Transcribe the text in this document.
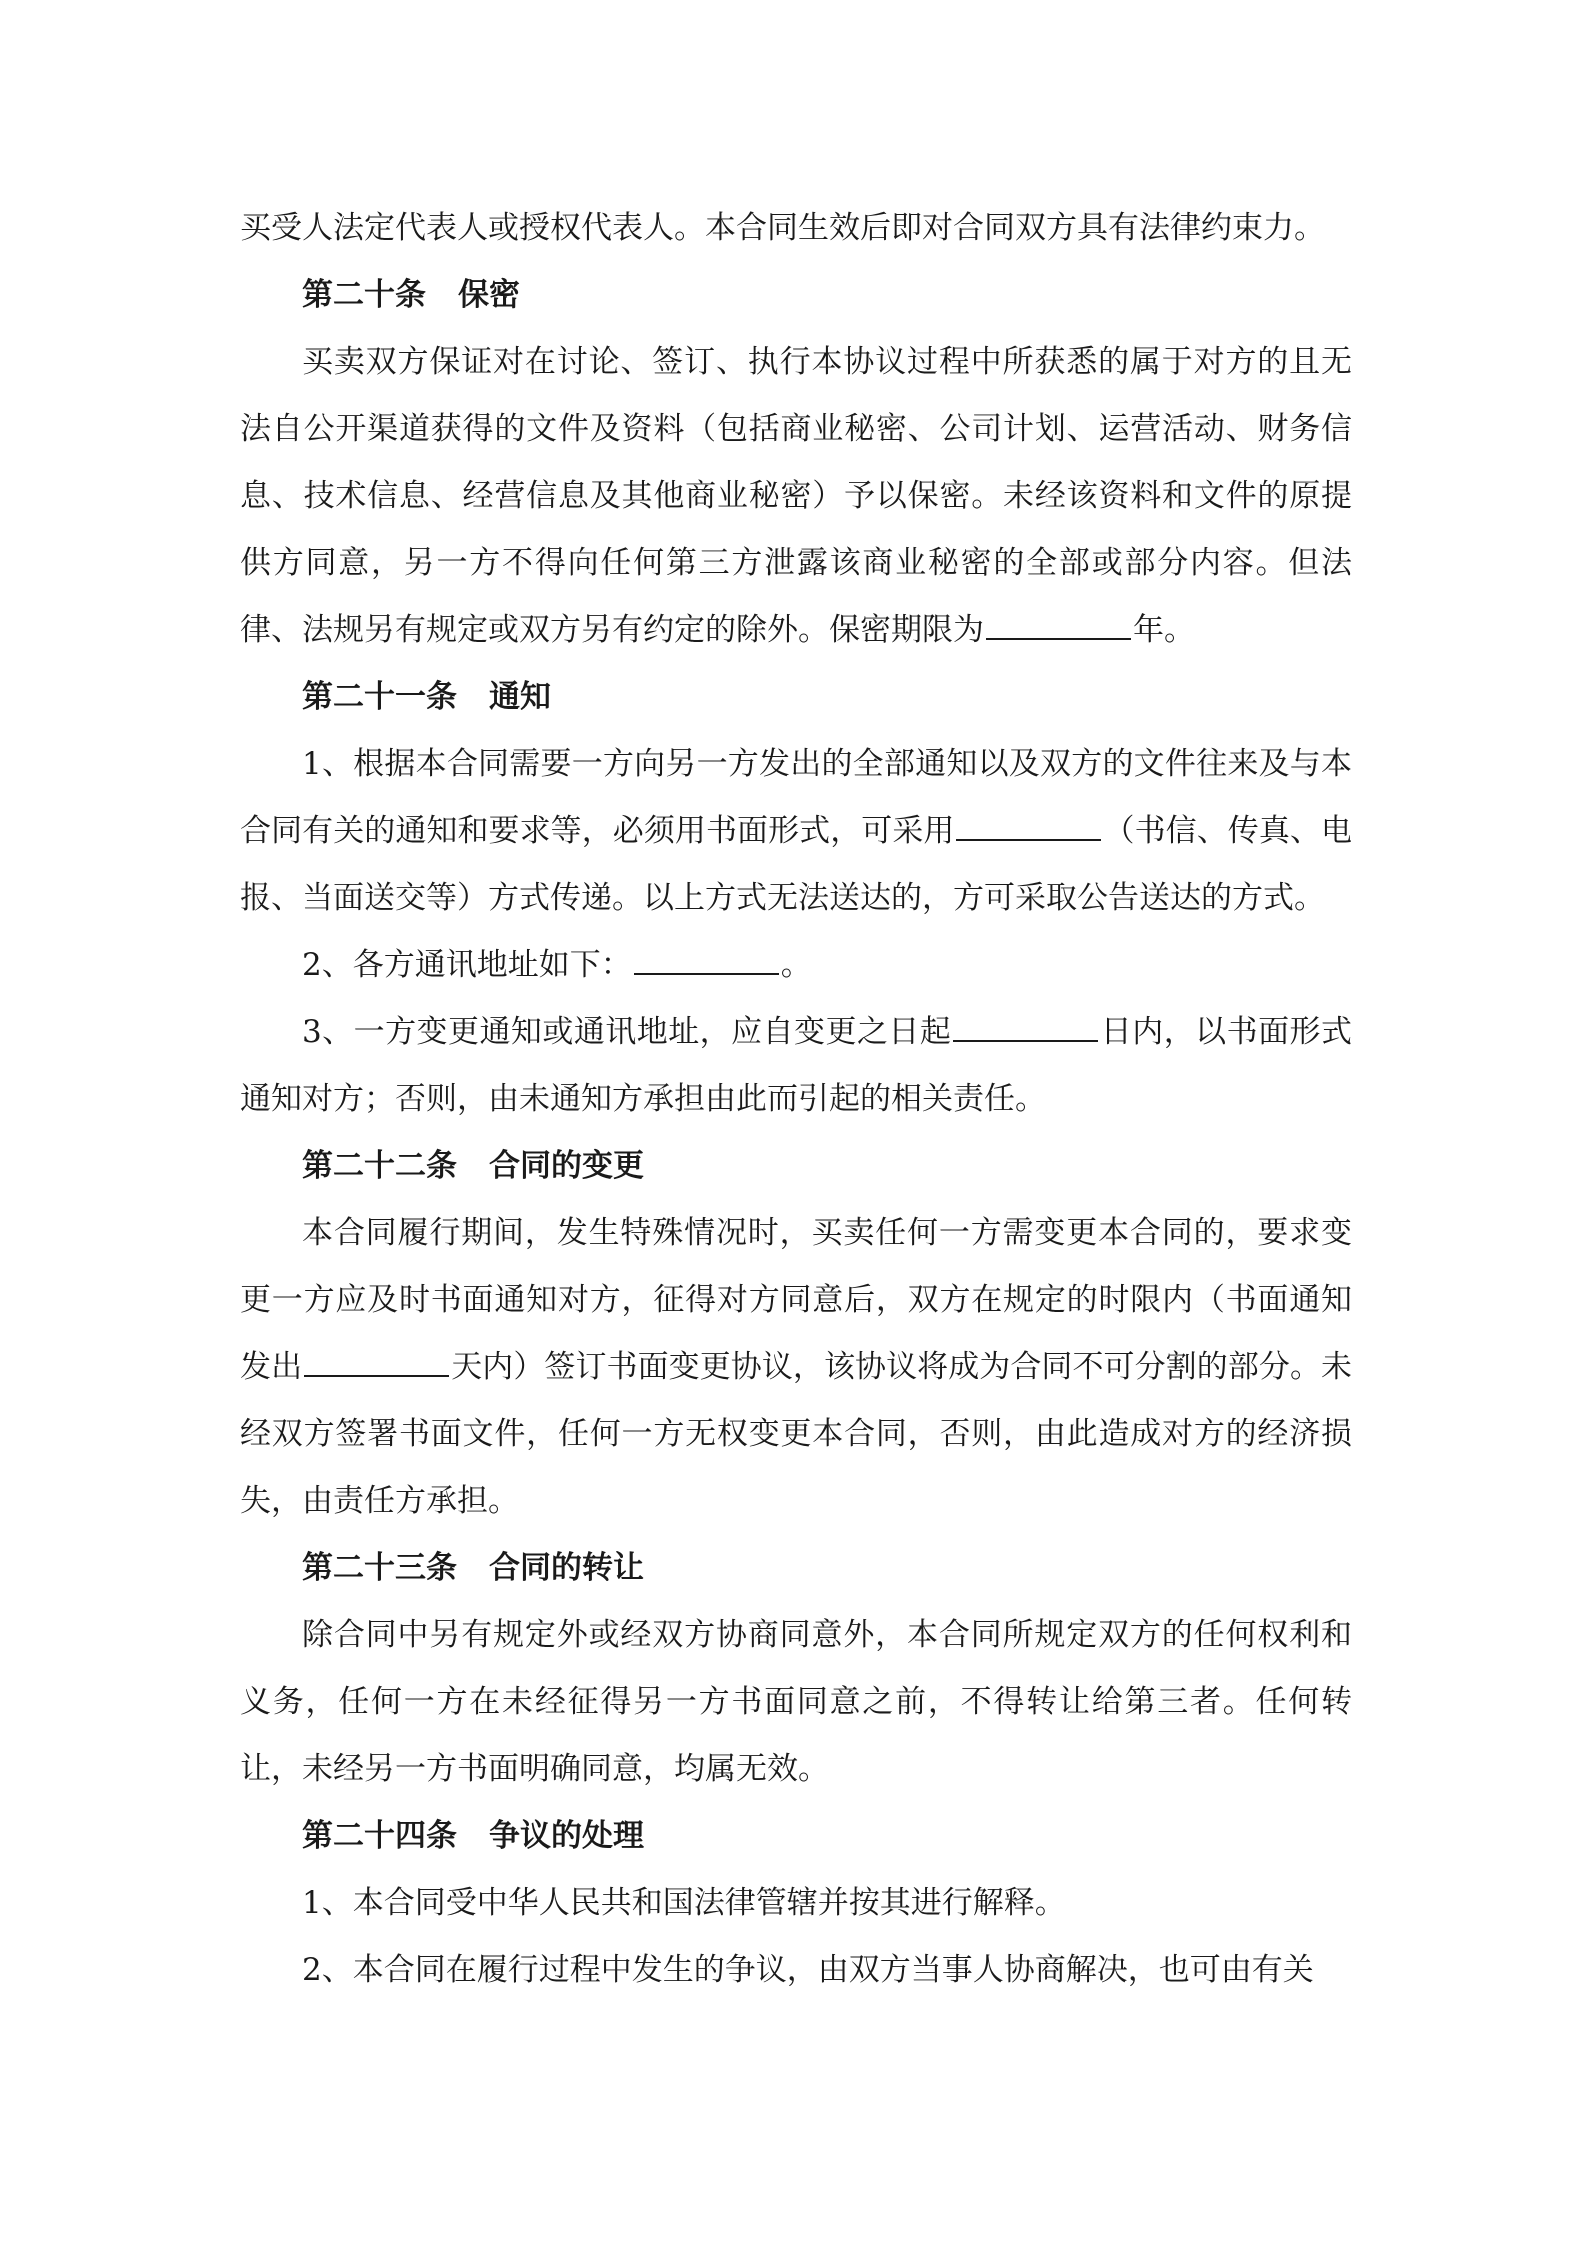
买受人法定代表人或授权代表人。本合同生效后即对合同双方具有法律约束力。

第二十条 保密

买卖双方保证对在讨论、签订、执行本协议过程中所获悉的属于对方的且无法自公开渠道获得的文件及资料（包括商业秘密、公司计划、运营活动、财务信息、技术信息、经营信息及其他商业秘密）予以保密。未经该资料和文件的原提供方同意，另一方不得向任何第三方泄露该商业秘密的全部或部分内容。但法律、法规另有规定或双方另有约定的除外。保密期限为	年。

第二十一条 通知

1、根据本合同需要一方向另一方发出的全部通知以及双方的文件往来及与本合同有关的通知和要求等，必须用书面形式，可采用	（书信、传真、电报、当面送交等）方式传递。以上方式无法送达的，方可采取公告送达的方式。

2、各方通讯地址如下：	。

3、一方变更通知或通讯地址，应自变更之日起	日内，以书面形式通知对方；否则，由未通知方承担由此而引起的相关责任。

第二十二条 合同的变更

本合同履行期间，发生特殊情况时，买卖任何一方需变更本合同的，要求变更一方应及时书面通知对方，征得对方同意后，双方在规定的时限内（书面通知发出	天内）签订书面变更协议，该协议将成为合同不可分割的部分。未经双方签署书面文件，任何一方无权变更本合同，否则，由此造成对方的经济损失，由责任方承担。

第二十三条 合同的转让

除合同中另有规定外或经双方协商同意外，本合同所规定双方的任何权利和义务，任何一方在未经征得另一方书面同意之前，不得转让给第三者。任何转让，未经另一方书面明确同意，均属无效。

第二十四条 争议的处理

1、本合同受中华人民共和国法律管辖并按其进行解释。

2、本合同在履行过程中发生的争议，由双方当事人协商解决，也可由有关
